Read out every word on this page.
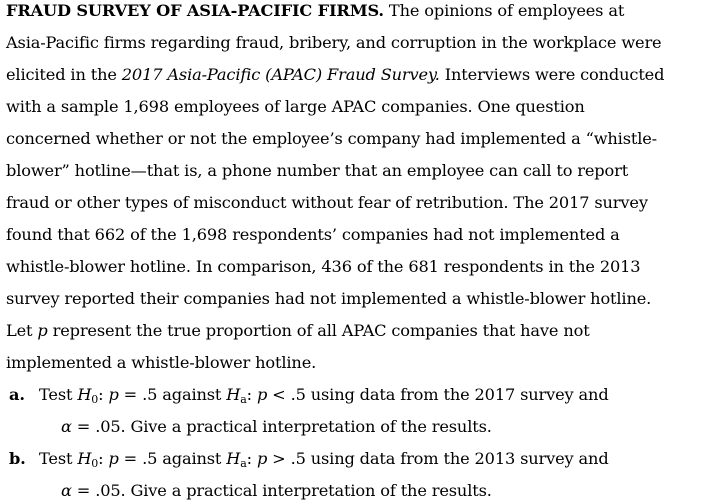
FRAUD SURVEY OF ASIA-PACIFIC FIRMS. The opinions of employees at
Asia-Pacific firms regarding fraud, bribery, and corruption in the workplace were
elicited in the 2017 Asia-Pacific (APAC) Fraud Survey. Interviews were conducted
with a sample 1,698 employees of large APAC companies. One question
concerned whether or not the employee’s company had implemented a “whistle-
blower” hotline—that is, a phone number that an employee can call to report
fraud or other types of misconduct without fear of retribution. The 2017 survey
found that 662 of the 1,698 respondents’ companies had not implemented a
whistle-blower hotline. In comparison, 436 of the 681 respondents in the 2013
survey reported their companies had not implemented a whistle-blower hotline.
Let p represent the true proportion of all APAC companies that have not
implemented a whistle-blower hotline.
a. Test $H_0$: p = .5 against $H_a$: p < .5 using data from the 2017 survey and
α = .05. Give a practical interpretation of the results.
b. Test $H_0$: p = .5 against $H_a$: p > .5 using data from the 2013 survey and
α = .05. Give a practical interpretation of the results.
